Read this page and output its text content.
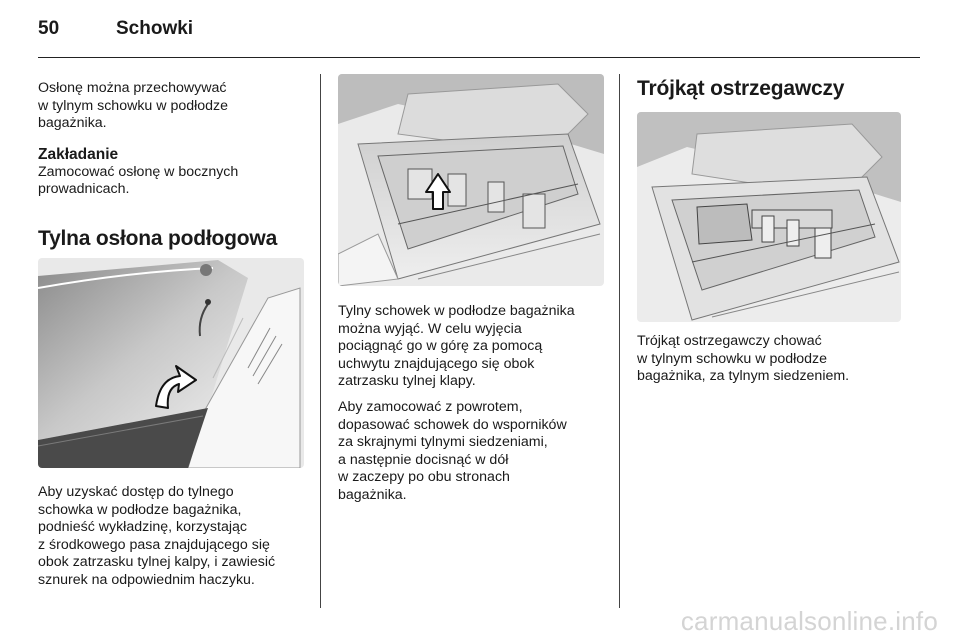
50	Schowki

Osłonę można przechowywać
w tylnym schowku w podłodze
bagażnika.

Zakładanie

Zamocować osłonę w bocznych
prowadnicach.

Tylna osłona podłogowa

Aby uzyskać dostęp do tylnego
schowka w podłodze bagażnika,
podnieść wykładzinę, korzystając
z środkowego pasa znajdującego się
obok zatrzasku tylnej kalpy, i zawiesić
sznurek na odpowiednim haczyku.

Tylny schowek w podłodze bagażnika
można wyjąć. W celu wyjęcia
pociągnąć go w górę za pomocą
uchwytu znajdującego się obok
zatrzasku tylnej klapy.

Aby zamocować z powrotem,
dopasować schowek do wsporników
za skrajnymi tylnymi siedzeniami,
a następnie docisnąć w dół
w zaczepy po obu stronach
bagażnika.

Trójkąt ostrzegawczy

Trójkąt ostrzegawczy chować
w tylnym schowku w podłodze
bagażnika, za tylnym siedzeniem.

carmanualsonline.info
